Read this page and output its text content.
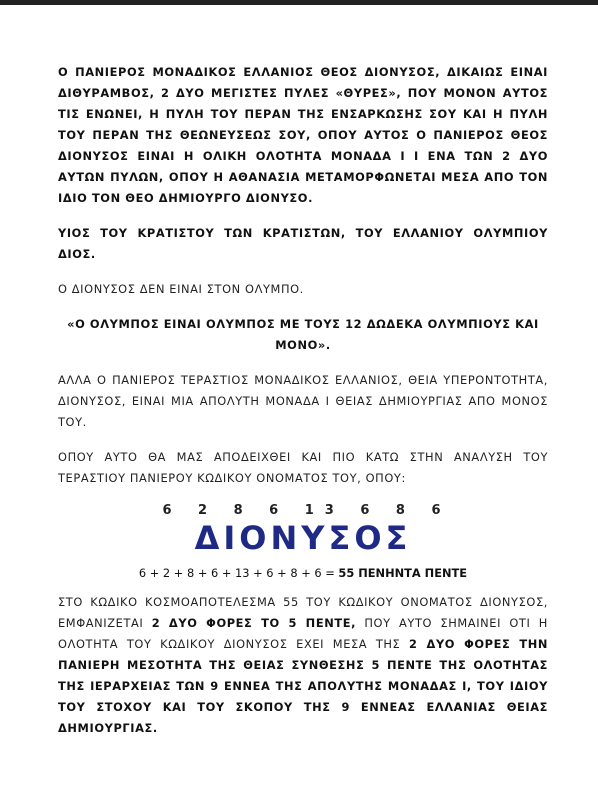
Ο ΠΑΝΙΕΡΟΣ ΜΟΝΑΔΙΚΟΣ ΕΛΛΑΝΙΟΣ ΘΕΟΣ ΔΙΟΝΥΣΟΣ, ΔΙΚΑΙΩΣ ΕΙΝΑΙ ΔΙΘΥΡΑΜΒΟΣ, 2 ΔΥΟ ΜΕΓΙΣΤΕΣ ΠΥΛΕΣ «ΘΥΡΕΣ», ΠΟΥ ΜΟΝΟΝ ΑΥΤΟΣ ΤΙΣ ΕΝΩΝΕΙ, Η ΠΥΛΗ ΤΟΥ ΠΕΡΑΝ ΤΗΣ ΕΝΣΑΡΚΩΣΗΣ ΣΟΥ ΚΑΙ Η ΠΥΛΗ ΤΟΥ ΠΕΡΑΝ ΤΗΣ ΘΕΩΝΕΥΣΕΩΣ ΣΟΥ, ΟΠΟΥ ΑΥΤΟΣ Ο ΠΑΝΙΕΡΟΣ ΘΕΟΣ ΔΙΟΝΥΣΟΣ ΕΙΝΑΙ Η ΟΛΙΚΗ ΟΛΟΤΗΤΑ ΜΟΝΑΔΑ Ι Ι ΕΝΑ ΤΩΝ 2 ΔΥΟ ΑΥΤΩΝ ΠΥΛΩΝ, ΟΠΟΥ Η ΑΘΑΝΑΣΙΑ ΜΕΤΑΜΟΡΦΩΝΕΤΑΙ ΜΕΣΑ ΑΠΟ ΤΟΝ ΙΔΙΟ ΤΟΝ ΘΕΟ ΔΗΜΙΟΥΡΓΟ ΔΙΟΝΥΣΟ.

ΥΙΟΣ ΤΟΥ ΚΡΑΤΙΣΤΟΥ ΤΩΝ ΚΡΑΤΙΣΤΩΝ, ΤΟΥ ΕΛΛΑΝΙΟΥ ΟΛΥΜΠΙΟΥ ΔΙΟΣ.

Ο ΔΙΟΝΥΣΟΣ ΔΕΝ ΕΙΝΑΙ ΣΤΟΝ ΟΛΥΜΠΟ.

«Ο ΟΛΥΜΠΟΣ ΕΙΝΑΙ ΟΛΥΜΠΟΣ ΜΕ ΤΟΥΣ 12 ΔΩΔΕΚΑ ΟΛΥΜΠΙΟΥΣ ΚΑΙ ΜΟΝΟ».

ΑΛΛΑ Ο ΠΑΝΙΕΡΟΣ ΤΕΡΑΣΤΙΟΣ ΜΟΝΑΔΙΚΟΣ ΕΛΛΑΝΙΟΣ, ΘΕΙΑ ΥΠΕΡΟΝΤΟΤΗΤΑ, ΔΙΟΝΥΣΟΣ, ΕΙΝΑΙ ΜΙΑ ΑΠΟΛΥΤΗ ΜΟΝΑΔΑ Ι ΘΕΙΑΣ ΔΗΜΙΟΥΡΓΙΑΣ ΑΠΟ ΜΟΝΟΣ ΤΟΥ.

ΟΠΟΥ ΑΥΤΟ ΘΑ ΜΑΣ ΑΠΟΔΕΙΧΘΕΙ ΚΑΙ ΠΙΟ ΚΑΤΩ ΣΤΗΝ ΑΝΑΛΥΣΗ ΤΟΥ ΤΕΡΑΣΤΙΟΥ ΠΑΝΙΕΡΟΥ ΚΩΔΙΚΟΥ ΟΝΟΜΑΤΟΣ ΤΟΥ, ΟΠΟΥ:

6 2 8 6 13 6 8 6
ΔΙΟΝΥΣΟΣ
6 + 2 + 8 + 6 + 13 + 6 + 8 + 6 = 55 ΠΕΝΗΝΤΑ ΠΕΝΤΕ

ΣΤΟ ΚΩΔΙΚΟ ΚΟΣΜΟΑΠΟΤΕΛΕΣΜΑ 55 ΤΟΥ ΚΩΔΙΚΟΥ ΟΝΟΜΑΤΟΣ ΔΙΟΝΥΣΟΣ, ΕΜΦΑΝΙΖΕΤΑΙ 2 ΔΥΟ ΦΟΡΕΣ ΤΟ 5 ΠΕΝΤΕ, ΠΟΥ ΑΥΤΟ ΣΗΜΑΙΝΕΙ ΟΤΙ Η ΟΛΟΤΗΤΑ ΤΟΥ ΚΩΔΙΚΟΥ ΔΙΟΝΥΣΟΣ ΕΧΕΙ ΜΕΣΑ ΤΗΣ 2 ΔΥΟ ΦΟΡΕΣ ΤΗΝ ΠΑΝΙΕΡΗ ΜΕΣΟΤΗΤΑ ΤΗΣ ΘΕΙΑΣ ΣΥΝΘΕΣΗΣ 5 ΠΕΝΤΕ ΤΗΣ ΟΛΟΤΗΤΑΣ ΤΗΣ ΙΕΡΑΡΧΕΙΑΣ ΤΩΝ 9 ΕΝΝΕΑ ΤΗΣ ΑΠΟΛΥΤΗΣ ΜΟΝΑΔΑΣ Ι, ΤΟΥ ΙΔΙΟΥ ΤΟΥ ΣΤΟΧΟΥ ΚΑΙ ΤΟΥ ΣΚΟΠΟΥ ΤΗΣ 9 ΕΝΝΕΑΣ ΕΛΛΑΝΙΑΣ ΘΕΙΑΣ ΔΗΜΙΟΥΡΓΙΑΣ.
